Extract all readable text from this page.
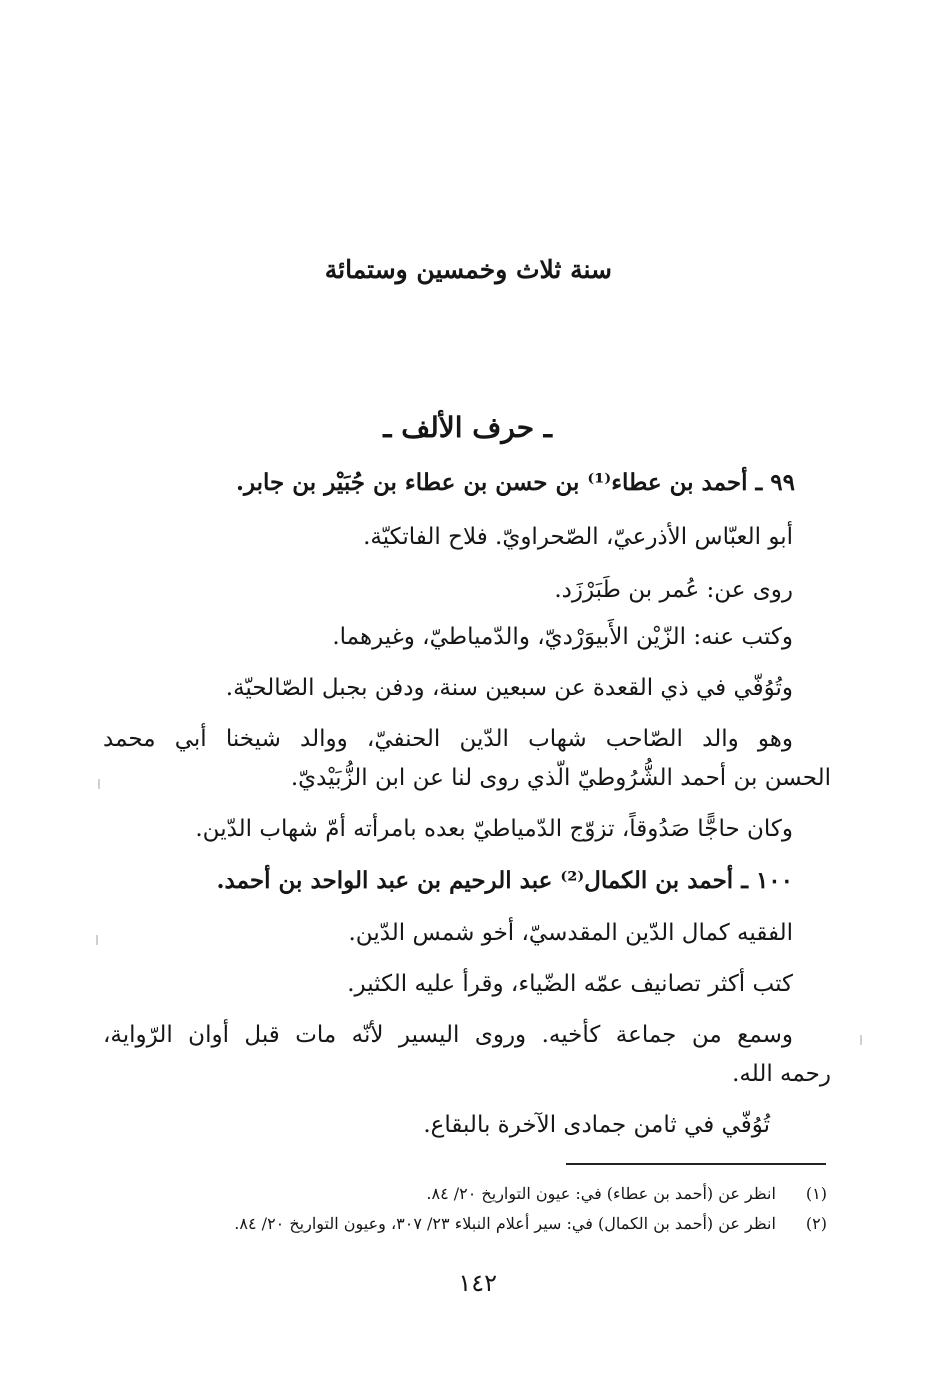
سنة ثلاث وخمسين وستمائة
ـ حرف الألف ـ
٩٩ ـ أحمد بن عطاء⁽¹⁾ بن حسن بن عطاء بن جُبَيْر بن جابر.
أبو العبّاس الأذرعيّ، الصّحراويّ. فلاح الفاتكيّة.
روى عن: عُمر بن طَبَرْزَد.
وكتب عنه: الزّيْن الأَبيوَرْديّ، والدّمياطيّ، وغيرهما.
وتُوُفّي في ذي القعدة عن سبعين سنة، ودفن بجبل الصّالحيّة.
وهو والد الصّاحب شهاب الدّين الحنفيّ، ووالد شيخنا أبي محمد
الحسن بن أحمد الشُّرُوطيّ الّذي روى لنا عن ابن الزُّبَيْديّ.
وكان حاجًّا صَدُوقاً، تزوّج الدّمياطيّ بعده بامرأته أمّ شهاب الدّين.
١٠٠ ـ أحمد بن الكمال⁽²⁾ عبد الرحيم بن عبد الواحد بن أحمد.
الفقيه كمال الدّين المقدسيّ، أخو شمس الدّين.
كتب أكثر تصانيف عمّه الضّياء، وقرأ عليه الكثير.
وسمع من جماعة كأخيه. وروى اليسير لأنّه مات قبل أوان الرّواية،
رحمه الله.
تُوُفّي في ثامن جمادى الآخرة بالبقاع.
(١) انظر عن (أحمد بن عطاء) في: عيون التواريخ ٢٠/ ٨٤.
(٢) انظر عن (أحمد بن الكمال) في: سير أعلام النبلاء ٢٣/ ٣٠٧، وعيون التواريخ ٢٠/ ٨٤.
١٤٢
